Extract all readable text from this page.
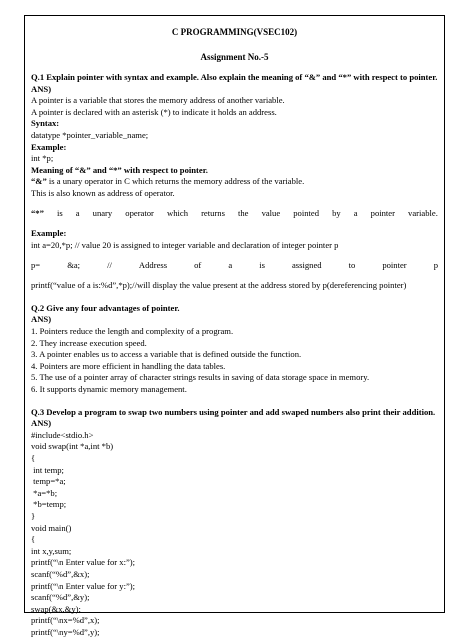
C PROGRAMMING(VSEC102)

Assignment No.-5

Q.1 Explain pointer with syntax and example. Also explain the meaning of “&” and “*” with respect to pointer.

ANS)

A pointer is a variable that stores the memory address of another variable.

A pointer is declared with an asterisk (*) to indicate it holds an address.

Syntax:

datatype *pointer_variable_name;

Example:

int *p;

Meaning of “&” and “*” with respect to pointer.

“&” is a unary operator in C which returns the memory address of the variable.

This is also known as address of operator.

“*” is a unary operator which returns the value pointed by a pointer variable.

Example:

int a=20,*p; // value 20 is assigned to integer variable and declaration of integer pointer p

p=	&a;	//	Address	of	a	is	assigned	to	pointer	p

printf(“value of a is:%d”,*p);//will display the value present at the address stored by p(dereferencing pointer)

Q.2 Give any four advantages of pointer.

ANS)

1. Pointers reduce the length and complexity of a program.

2. They increase execution speed.

3. A pointer enables us to access a variable that is defined outside the function.

4. Pointers are more efficient in handling the data tables.

5. The use of a pointer array of character strings results in saving of data storage space in memory.

6. It supports dynamic memory management.

Q.3 Develop a program to swap two numbers using pointer and add swaped numbers also print their addition.

ANS)

#include<stdio.h>

void swap(int *a,int *b)

{

int temp;

temp=*a;

*a=*b;

*b=temp;

}

void main()

{

int x,y,sum;

printf(“\n Enter value for x:”);

scanf(“%d”,&x);

printf(“\n Enter value for y:”);

scanf(“%d”,&y);

swap(&x,&y);

printf(“\nx=%d”,x);

printf(“\ny=%d”,y);
